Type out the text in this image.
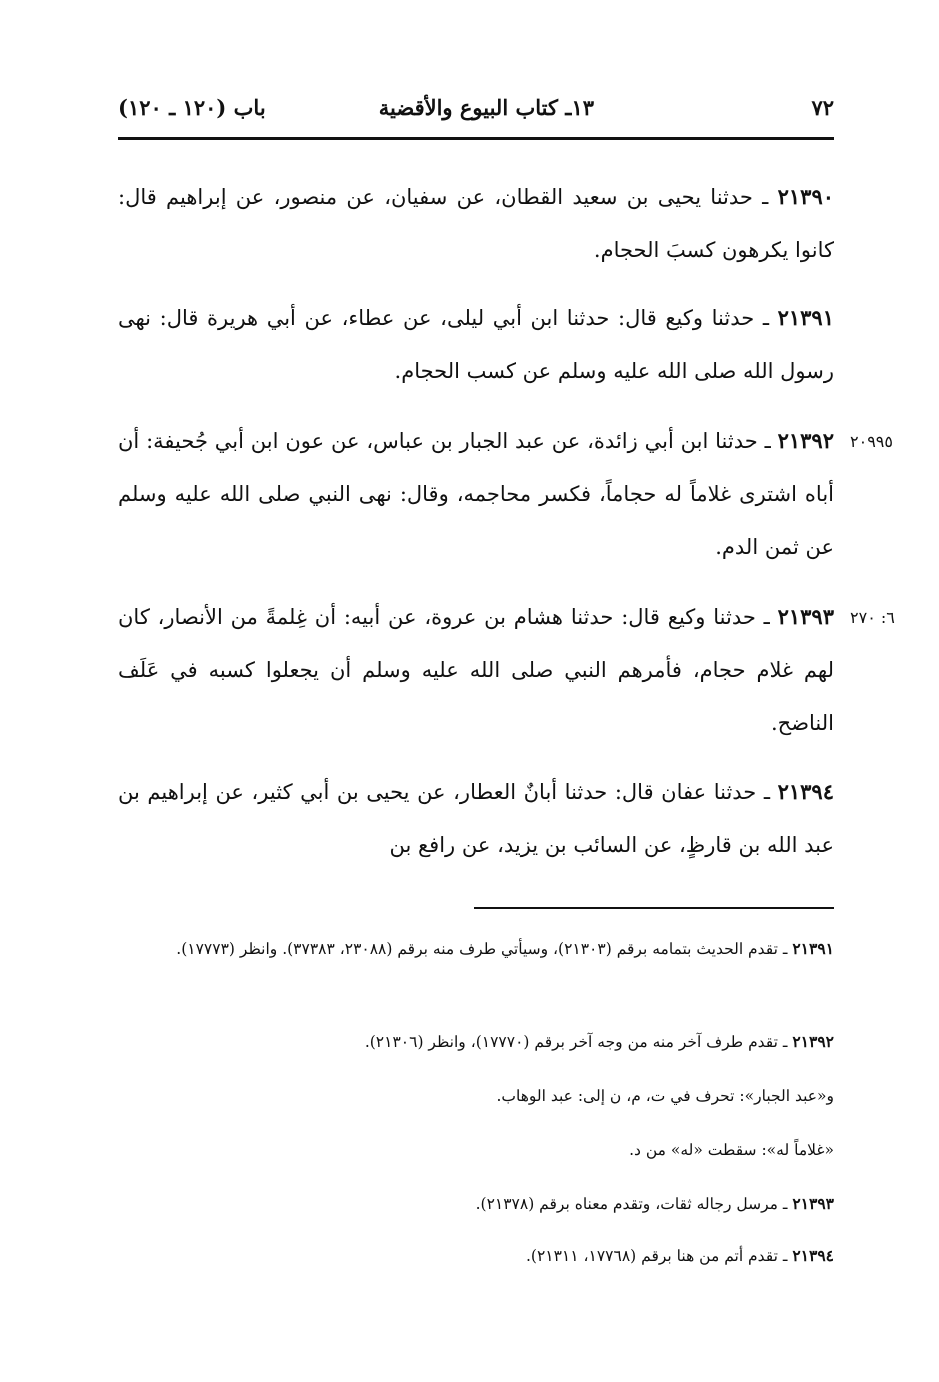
٧٢
١٣ـ كتاب البيوع والأقضية
باب (١٢٠ ـ ١٢٠)
٢١٣٩٠ ـ حدثنا يحيى بن سعيد القطان، عن سفيان، عن منصور، عن إبراهيم قال: كانوا يكرهون كسبَ الحجام.
٢١٣٩١ ـ حدثنا وكيع قال: حدثنا ابن أبي ليلى، عن عطاء، عن أبي هريرة قال: نهى رسول الله صلى الله عليه وسلم عن كسب الحجام.
٢٠٩٩٥
٢١٣٩٢ ـ حدثنا ابن أبي زائدة، عن عبد الجبار بن عباس، عن عون ابن أبي جُحيفة: أن أباه اشترى غلاماً له حجاماً، فكسر محاجمه، وقال: نهى النبي صلى الله عليه وسلم عن ثمن الدم.
٦: ٢٧٠
٢١٣٩٣ ـ حدثنا وكيع قال: حدثنا هشام بن عروة، عن أبيه: أن غِلمةً من الأنصار، كان لهم غلام حجام، فأمرهم النبي صلى الله عليه وسلم أن يجعلوا كسبه في عَلَف الناضح.
٢١٣٩٤ ـ حدثنا عفان قال: حدثنا أبانٌ العطار، عن يحيى بن أبي كثير، عن إبراهيم بن عبد الله بن قارظٍ، عن السائب بن يزيد، عن رافع بن
٢١٣٩١ ـ تقدم الحديث بتمامه برقم (٢١٣٠٣)، وسيأتي طرف منه برقم (٢٣٠٨٨، ٣٧٣٨٣). وانظر (١٧٧٧٣).
٢١٣٩٢ ـ تقدم طرف آخر منه من وجه آخر برقم (١٧٧٧٠)، وانظر (٢١٣٠٦).
و«عبد الجبار»: تحرف في ت، م، ن إلى: عبد الوهاب.
«غلاماً له»: سقطت «له» من د.
٢١٣٩٣ ـ مرسل رجاله ثقات، وتقدم معناه برقم (٢١٣٧٨).
٢١٣٩٤ ـ تقدم أتم من هنا برقم (١٧٧٦٨، ٢١٣١١).
